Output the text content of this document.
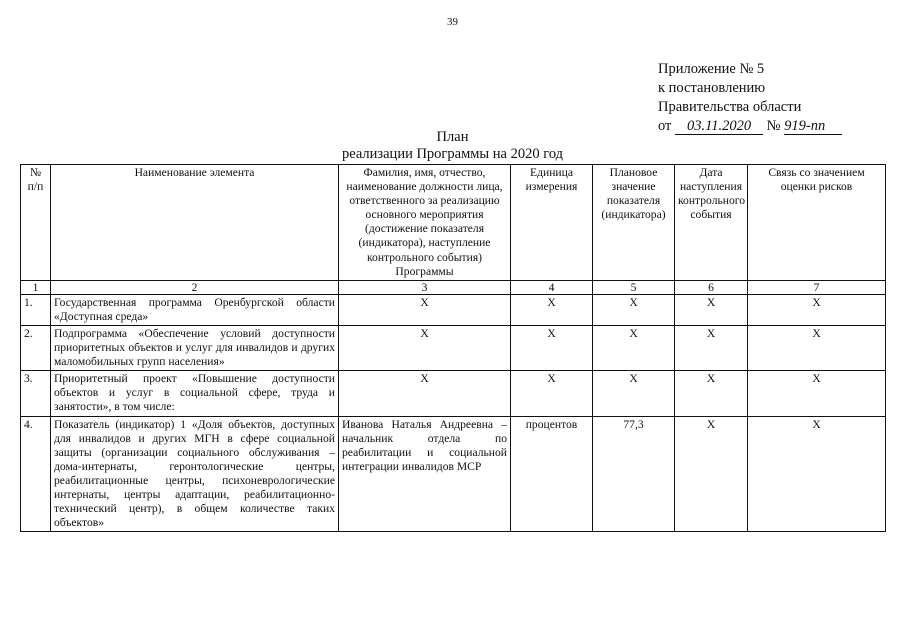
39
Приложение № 5
к постановлению
Правительства области
от 03.11.2020 № 919-пп
План
реализации Программы на 2020 год
№ п/п	Наименование элемента	Фамилия, имя, отчество, наименование должности лица, ответственного за реализацию основного мероприятия (достижение показателя (индикатора), наступление контрольного события) Программы	Единица измерения	Плановое значение показателя (индикатора)	Дата наступления контрольного события	Связь со значением оценки рисков
1	2	3	4	5	6	7
1.	Государственная программа Оренбургской области «Доступная среда»	X	X	X	X	X
2.	Подпрограмма «Обеспечение условий доступности приоритетных объектов и услуг для инвалидов и других маломобильных групп населения»	X	X	X	X	X
3.	Приоритетный проект «Повышение доступности объектов и услуг в социальной сфере, труда и занятости», в том числе:	X	X	X	X	X
4.	Показатель (индикатор) 1 «Доля объектов, доступных для инвалидов и других МГН в сфере социальной защиты (организации социального обслуживания – дома-интернаты, геронтологические центры, реабилитационные центры, психоневрологические интернаты, центры адаптации, реабилитационно-технический центр), в общем количестве таких объектов»	Иванова Наталья Андреевна – начальник отдела по реабилитации и социальной интеграции инвалидов МСР	процентов	77,3	X	X
